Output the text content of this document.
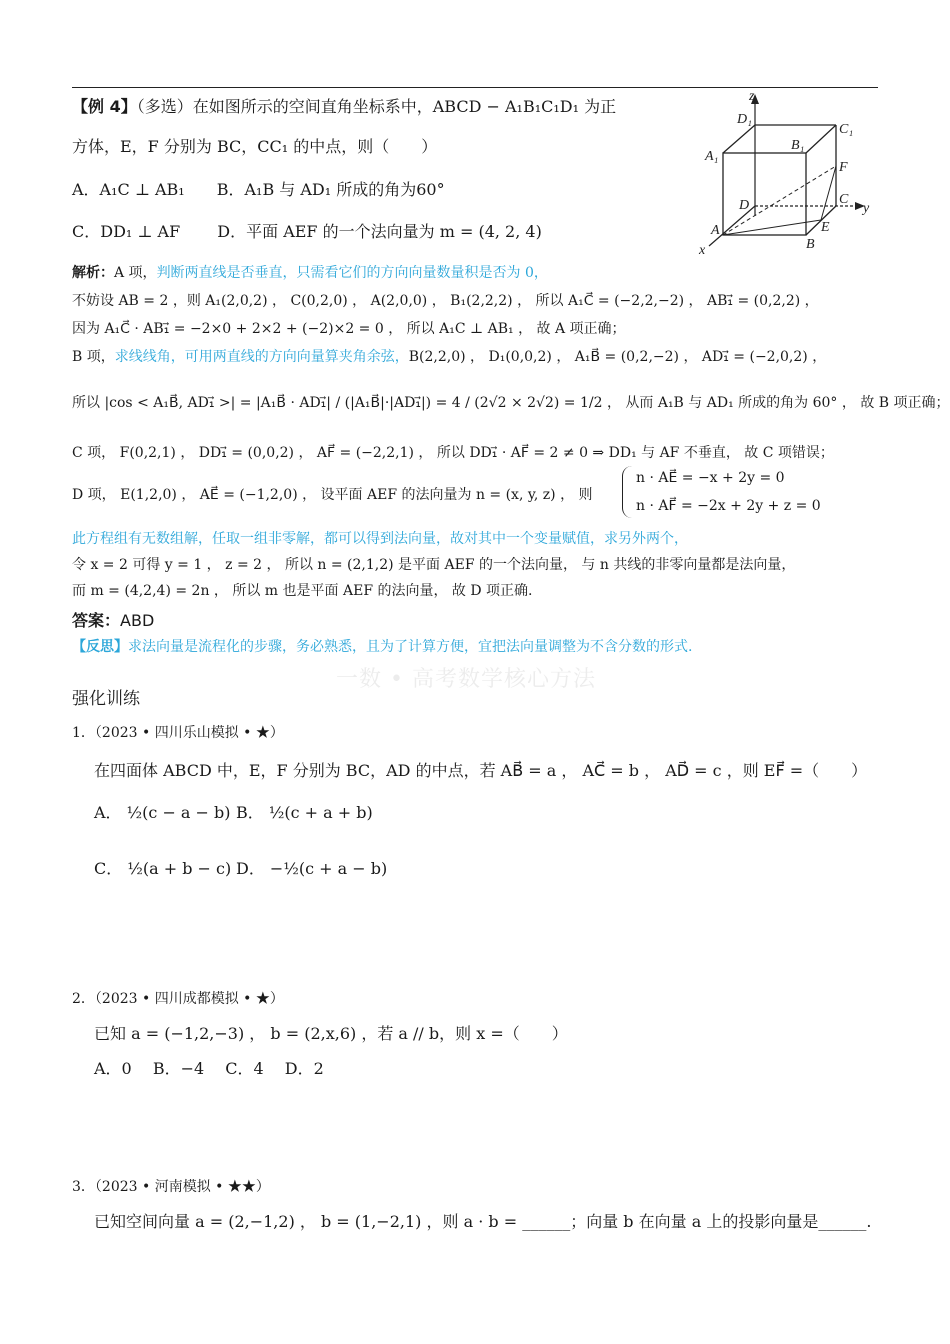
【例 4】（多选）在如图所示的空间直角坐标系中，ABCD − A₁B₁C₁D₁ 为正
方体，E，F 分别为 BC，CC₁ 的中点，则（　　）
A．A₁C ⊥ AB₁　　B．A₁B 与 AD₁ 所成的角为60°
C．DD₁ ⊥ AF　　 D．平面 AEF 的一个法向量为 m = (4, 2, 4)
z
y
x
D₁
C₁
B₁
A₁
F
C
D
E
A
B
解析：A 项，判断两直线是否垂直，只需看它们的方向向量数量积是否为 0，
不妨设 AB = 2 ，则 A₁(2,0,2) ， C(0,2,0) ， A(2,0,0) ， B₁(2,2,2) ， 所以 A₁C⃗ = (−2,2,−2) ， AB₁⃗ = (0,2,2) ，
因为 A₁C⃗ · AB₁⃗ = −2×0 + 2×2 + (−2)×2 = 0 ， 所以 A₁C ⊥ AB₁ ， 故 A 项正确；
B 项，求线线角，可用两直线的方向向量算夹角余弦，B(2,2,0) ， D₁(0,0,2) ， A₁B⃗ = (0,2,−2) ， AD₁⃗ = (−2,0,2) ，
所以 |cos < A₁B⃗, AD₁⃗ >| = |A₁B⃗ · AD₁⃗| / (|A₁B⃗|·|AD₁⃗|) = 4 / (2√2 × 2√2) = 1/2 ， 从而 A₁B 与 AD₁ 所成的角为 60° ， 故 B 项正确；
C 项， F(0,2,1) ， DD₁⃗ = (0,0,2) ， AF⃗ = (−2,2,1) ， 所以 DD₁⃗ · AF⃗ = 2 ≠ 0 ⇒ DD₁ 与 AF 不垂直， 故 C 项错误；
D 项， E(1,2,0) ， AE⃗ = (−1,2,0) ， 设平面 AEF 的法向量为 n = (x, y, z) ， 则
n · AE⃗ = −x + 2y = 0
n · AF⃗ = −2x + 2y + z = 0
此方程组有无数组解，任取一组非零解，都可以得到法向量，故对其中一个变量赋值，求另外两个，
令 x = 2 可得 y = 1 ， z = 2 ， 所以 n = (2,1,2) 是平面 AEF 的一个法向量， 与 n 共线的非零向量都是法向量，
而 m = (4,2,4) = 2n ， 所以 m 也是平面 AEF 的法向量， 故 D 项正确.
答案：ABD
【反思】求法向量是流程化的步骤，务必熟悉，且为了计算方便，宜把法向量调整为不含分数的形式.
一数 • 高考数学核心方法
强化训练
1．（2023 • 四川乐山模拟 • ★）
在四面体 ABCD 中，E，F 分别为 BC，AD 的中点，若 AB⃗ = a ， AC⃗ = b ， AD⃗ = c ，则 EF⃗ =（　　）
A． ½(c − a − b) B． ½(c + a + b)
C． ½(a + b − c) D． −½(c + a − b)
2．（2023 • 四川成都模拟 • ★）
已知 a = (−1,2,−3) ， b = (2,x,6) ，若 a // b，则 x =（　　）
A．0　 B．−4　 C．4　 D．2
3．（2023 • 河南模拟 • ★★）
已知空间向量 a = (2,−1,2) ， b = (1,−2,1) ，则 a · b = ______；向量 b 在向量 a 上的投影向量是______.
